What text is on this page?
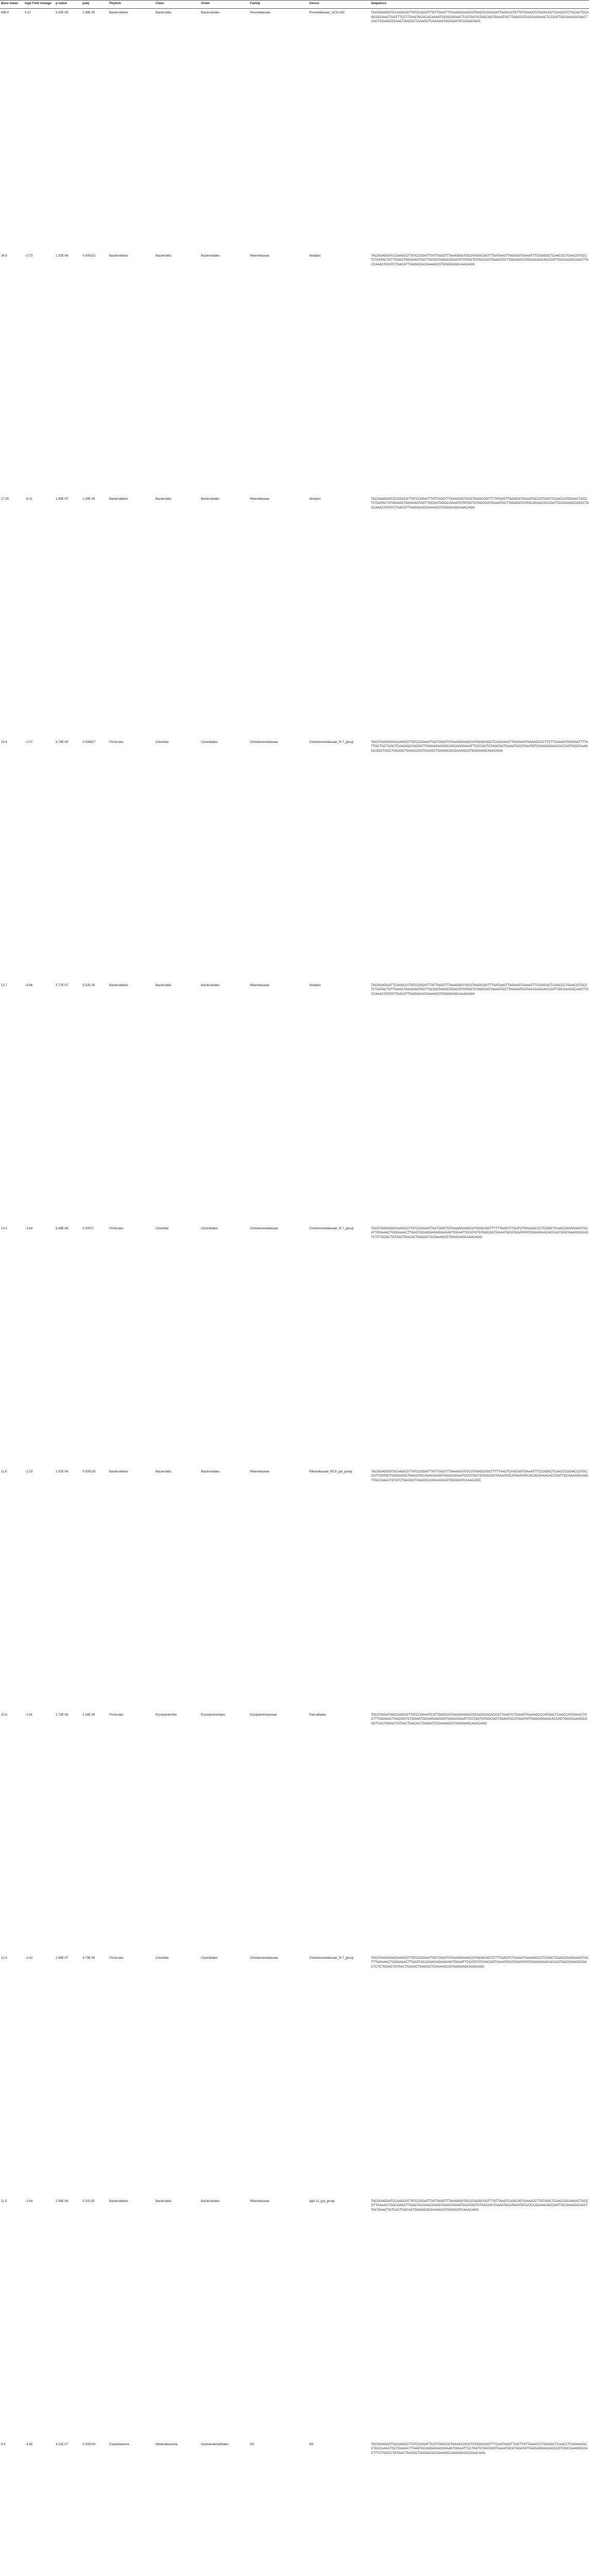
Base mean	log2 Fold change	p-value	padj	Phylum	Class	Order	Family	Genus	Sequence
695.4	4.10	9.40E-09	2.38E-05	Bacteroidetes	Bacteroidia	Bacteroidales	Prevotellaceae	Prevotellaceae_UCG-003	TACGGAAGGTCCGGGCGTTATCCGGATTTATTGGGTTTAAAGGGAGCGTAGGCCGGAGATTAAGCGTGTTGTGAAATGTAGACGCTCAACGTCTGCACTGCAGCGCGAACTGGTTTCCTTGAGTACGCACAAAGTGGGCGGAATTCGTGGTGTAGCGGTGAAATGCTTAGATATCACGAAGAACTCCGATTGCGAAGGCAGCTCACTGGAGCGCAACTGACGCTGAAGCTCGAAAGTGCGGGTATCGAACAGG
34.9	−3.73	1.32E-06	0.000102	Bacteroidetes	Bacteroidia	Bacteroidales	Rikenellaceae	Alistipes	TACGGAGGATCCAAGCGTTATCCGGATTTATTGGGTTTAAAGGGTGCGTAGGCGGTTTAATAAGTTAGAGGTGAAATTTCGGGGCTCAACCCTGAACGTGCCTCTAATACTGTTGAGCTAGAGAGTAGTTGCGGTAGGCGGAATGTATGGTGTAGCGGTGAAATGCTTAGAGATCATACAGAACACCGATTGCGAAGGCAGCTTACCAAACTATATCTGACGTTGAGGCACGAAAGCGTGGGGAGCAAACAGG
17.25	−6.21	1.85E-07	2.29E-05	Bacteroidetes	Bacteroidia	Bacteroidales	Rikenellaceae	Alistipes	TACGGAGGATCCGAGCGTTATCCGGATTTATTGGGTTTAAAGGGTGCGTAGGCGGTTTTATAAGTTAGAGGTGAAATGCCGTGGCTCAACCATGGAACTGCCTCTAATACTGTAGAGCTAGAGAGTAGTTGCGGTAGGCGGAATGTATGGTGTAGCGGTGAAATGCTTAGAGATCATACAGAACACCGATTGCGAAGGCAGCCTACCAAACTATATCTGACGTTGAGGCACGAAAGCGTGGGGAGCAAACAGG
25.4	−2.07	6.78E-05	0.000627	Firmicutes	Clostridia	Clostridiales	Christensenellaceae	Christensenellaceae_R-7_group	TACGTAGGGGGCAAGCGTTATCCGGAATTACTGGGTGTAAAGGGAGCGTAGGCGGCTCGACAAGTTGGGAGTGAAAGCCCTTCTTCAAGGTGGAGATTTTATTGCTGCTGGCTCGAGGCCAGGGTTGGGAGAGGGCAGCAGGGAAATTCCCGGTGTAGCGGTGAAATGCGTAGATATCGGGAGGAACACCAGTGGCGAAGGCGGCTGCCTGGAACTGGACCGGTGACGCTGAGGCGCGAAAGCGTGGGGAGCAAACAGG
13.7	−5.86	3.77E-07	5.02E-05	Bacteroidetes	Bacteroidia	Bacteroidales	Rikenellaceae	Alistipes	TACGGAGGATTCAAGCGTTATCCGGATTTATTGGGTTTAAAGGGTGCGTAGGCGGTTTGATAAGTTAGAGGTGAAATTTCGGGGCTCAACCCTGAACGTGCCTCTAATACTGTTGAGCTAGAGAGTAGTTGCGGTAGGCGGAATGTATGGTGTAGCGGTGAAATGCTTAGAGATCATACAGAACACCGATTGCGAAGGCAGCTTACCAAACTATATCTGACGTTGAGGCACGAAAGCGTGGGGAGCAAACAGG
13.0	−3.64	8.48E-06	0.00072	Firmicutes	Clostridia	Clostridiales	Christensenellaceae	Christensenellaceae_R-7_group	TACGTAGGGGGCAAGCGTTATCCGGAATTACTGGGTGTAAAGGGAGCGTAGGCGGTTTTTTAAGTCTGATGTGAAAGCCCTCGGCTCAACCGAGGAAGTGCATTGGAAACTGGGAAACTTGAGTGCAGGAGAGGAGAGTGGAATTCCATGTGTAGCGGTGAAATGCGTAGATATATGGAGGAACACCAGTGGCGAAGGCGACTCTCTGGACTGTAACTGACACTGAGGCTCGAAAGCGTGGGGAGCAAACAGG
11.6	−2.53	1.02E-06	0.000135	Bacteroidetes	Bacteroidia	Bacteroidales	Rikenellaceae	Rikenellaceae_RC9_gut_group	TACGGAGGGTGCAAGCGTTATCCGGATTTATTGGGTTTAAAGGGTGCGTAGGCGGCTTTTTAAGTCAGCGGTGAAATTTCCGGGCTCAACCCGGACCGTGCCGTTGATACTGGGGAGCTAGAGTACAGACGAGGTAGGCGGAATGCGTGGTGTAGCGGTGAAATGCATAGATATCACGCAGAACACCGATTGCGAAGGCAGCTTACCAAACTGTATCTGACGCTGAGGCACGAAAGCGTGGGGATCAAACAGG
20.8	−3.91	2.73E-06	2.18E-05	Firmicutes	Erysipelotrichia	Erysipelotrichales	Erysipelotrichaceae	Faecalitalea	TACGTAGGTGGCGAGCGTTATCCGGAATCATTGGGCGTAAAGGGAGCGCAGGCGGACCGTTAAGTCTGAAGTGAAAGCCCATGGCTCAACCATGGAACTGCTTTGGAAACTGACGGTCTGGAGTGCAGGAGAGGTGAGCGGAATTCCTAGTGTAGCGGTGAAATGCGTAGATATTAGGAGGAACACCAGTGGCGAAGGCGGCTCACTGGACTGTAACTGACACTGAGGCTCGAAAGCGTGGGGAGCAAACAGG
12.9	−3.42	2.96E-07	4.73E-05	Firmicutes	Clostridia	Clostridiales	Christensenellaceae	Christensenellaceae_R-7_group	TACGTAGGGGGCAAGCGTTATCCGGAATTACTGGGTGTAAAGGGAGCGTAGGCGGTCTTTTAAGTCTGAAGTGAAAGCCCTCGGCTCAACCGAGGAAGTGCTTTGGAAACTGGGAGACTTGAGTGCAGGAGAGGAGAGTGGAATTCCATGTGTAGCGGTGAAATGCGTAGATATATGGAGGAACACCAGTGGCGAAGGCGGCTCTCTGGACTGTAACTGACACTGAGGCTCGAAAGCGTGGGGAGCAAACAGG
11.9	−3.84	2.08E-06	0.315.05	Bacteroidetes	Bacteroidia	Bacteroidales	Rikenellaceae	dgA-11_gut_group	TACGGAGGATCCAAGCGTTATCCGGATTTATTGGGTTTAAAGGGTGCGTAGGCGGTTTGTTAAGTCAGCGGTGAAACCTTGTGGCTCAACCACAAGACTGCCGTTGAAACTGGCGAGCTTGAGTACAGACGAGGTAGGCGGAATGGATGGTGTAGCGGTGAAATGCATAGATATCATCCGGAACACCGATTGCGAAGGCAGCTTACTAAACTGTCACTGACACTGAGGCACGAAAGCGTGGGGATCAAACAGG
9.4	−4.65	4.11E-07	0.000104	Cyanobacteria	Melainabacteria	Gastranaerophilales	NA	NA	TACGGAGGGTGCAAGCGTTATCCGGATTCATTGGGCGTAAAGCGCGTGTAGGCGGTTTCAGTAAGTTGGTTGTTAAAGTCTGAGGCTCAACCTCAGAAAGCCTACCAAACTGCTGAAACTTGAGTACAGGAGAGGGAAGTGGAATTCCTAGTGTAGCGGTGAAATGCGTAGATATTAGGAGGAACACCAGTGGCGAAGGCGACTTTCTGGCCTGTAACTGACGCTGAGGCGCGAAAGCCAGGGGAGCGAACAGG
